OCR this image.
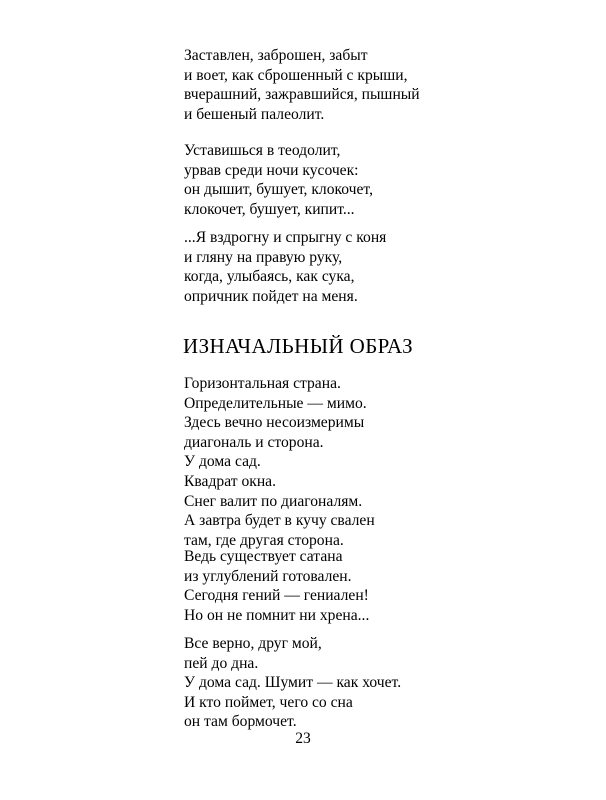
Заставлен, заброшен, забыт
и воет, как сброшенный с крыши,
вчерашний, зажравшийся, пышный
и бешеный палеолит.
Уставишься в теодолит,
урвав среди ночи кусочек:
он дышит, бушует, клокочет,
клокочет, бушует, кипит...
...Я вздрогну и спрыгну с коня
и гляну на правую руку,
когда, улыбаясь, как сука,
опричник пойдет на меня.
ИЗНАЧАЛЬНЫЙ ОБРАЗ
Горизонтальная страна.
Определительные — мимо.
Здесь вечно несоизмеримы
диагональ и сторона.
У дома сад.
Квадрат окна.
Снег валит по диагоналям.
А завтра будет в кучу свален
там, где другая сторона.
Ведь существует сатана
из углублений готовален.
Сегодня гений — гениален!
Но он не помнит ни хрена...
Все верно, друг мой,
пей до дна.
У дома сад. Шумит — как хочет.
И кто поймет, чего со сна
он там бормочет.
23
